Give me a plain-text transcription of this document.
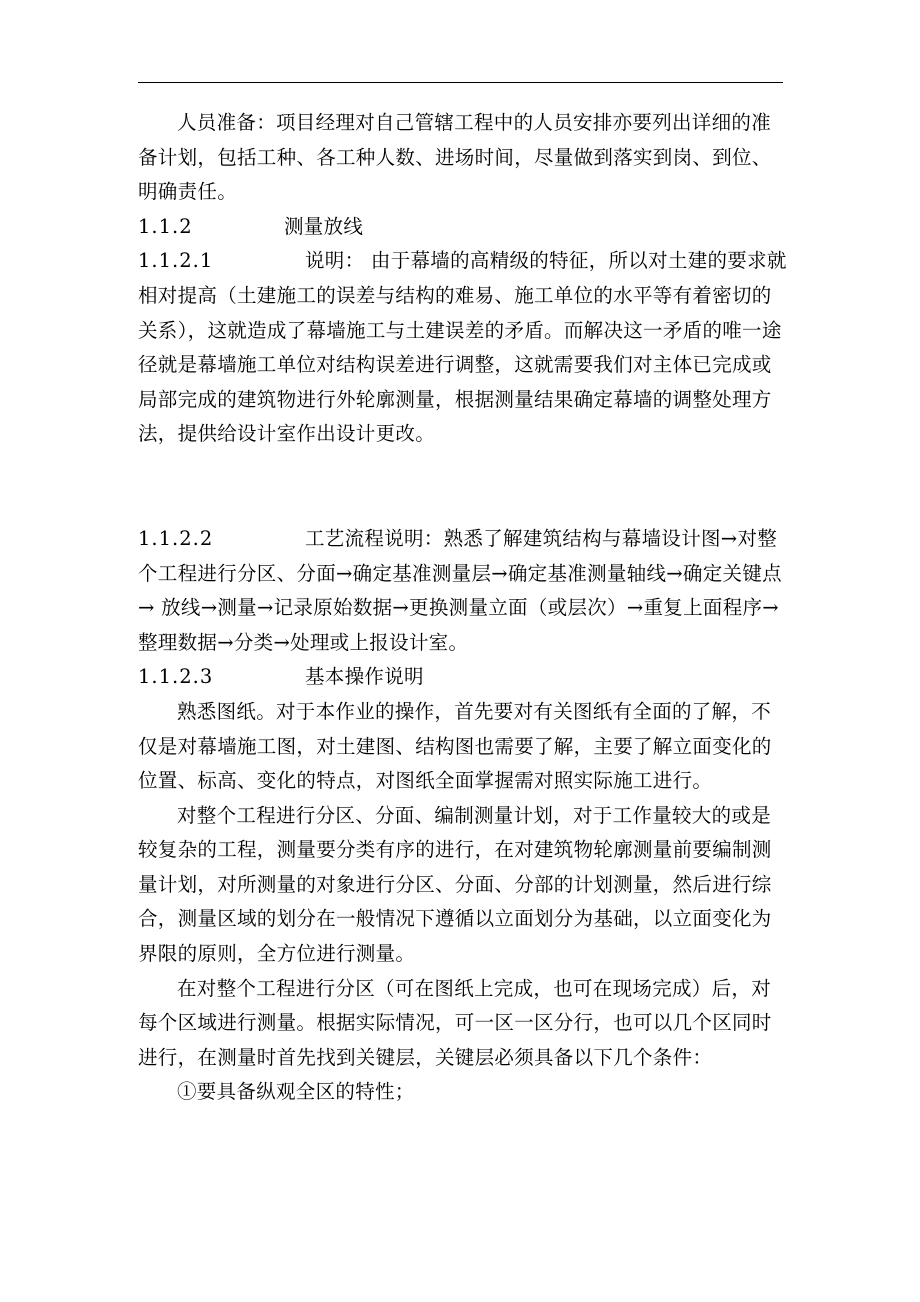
人员准备：项目经理对自己管辖工程中的人员安排亦要列出详细的准备计划，包括工种、各工种人数、进场时间，尽量做到落实到岗、到位、明确责任。

1.1.2	测量放线

1.1.2.1	说明： 由于幕墙的高精级的特征，所以对土建的要求就相对提高（土建施工的误差与结构的难易、施工单位的水平等有着密切的关系），这就造成了幕墙施工与土建误差的矛盾。而解决这一矛盾的唯一途径就是幕墙施工单位对结构误差进行调整，这就需要我们对主体已完成或局部完成的建筑物进行外轮廓测量，根据测量结果确定幕墙的调整处理方法，提供给设计室作出设计更改。

1.1.2.2	工艺流程说明：熟悉了解建筑结构与幕墙设计图→对整个工程进行分区、分面→确定基准测量层→确定基准测量轴线→确定关键点→ 放线→测量→记录原始数据→更换测量立面（或层次）→重复上面程序→整理数据→分类→处理或上报设计室。

1.1.2.3	基本操作说明

熟悉图纸。对于本作业的操作，首先要对有关图纸有全面的了解，不仅是对幕墙施工图，对土建图、结构图也需要了解，主要了解立面变化的位置、标高、变化的特点，对图纸全面掌握需对照实际施工进行。

对整个工程进行分区、分面、编制测量计划，对于工作量较大的或是较复杂的工程，测量要分类有序的进行，在对建筑物轮廓测量前要编制测量计划，对所测量的对象进行分区、分面、分部的计划测量，然后进行综合，测量区域的划分在一般情况下遵循以立面划分为基础，以立面变化为界限的原则，全方位进行测量。

在对整个工程进行分区（可在图纸上完成，也可在现场完成）后，对每个区域进行测量。根据实际情况，可一区一区分行，也可以几个区同时进行，在测量时首先找到关键层，关键层必须具备以下几个条件：

①要具备纵观全区的特性；
